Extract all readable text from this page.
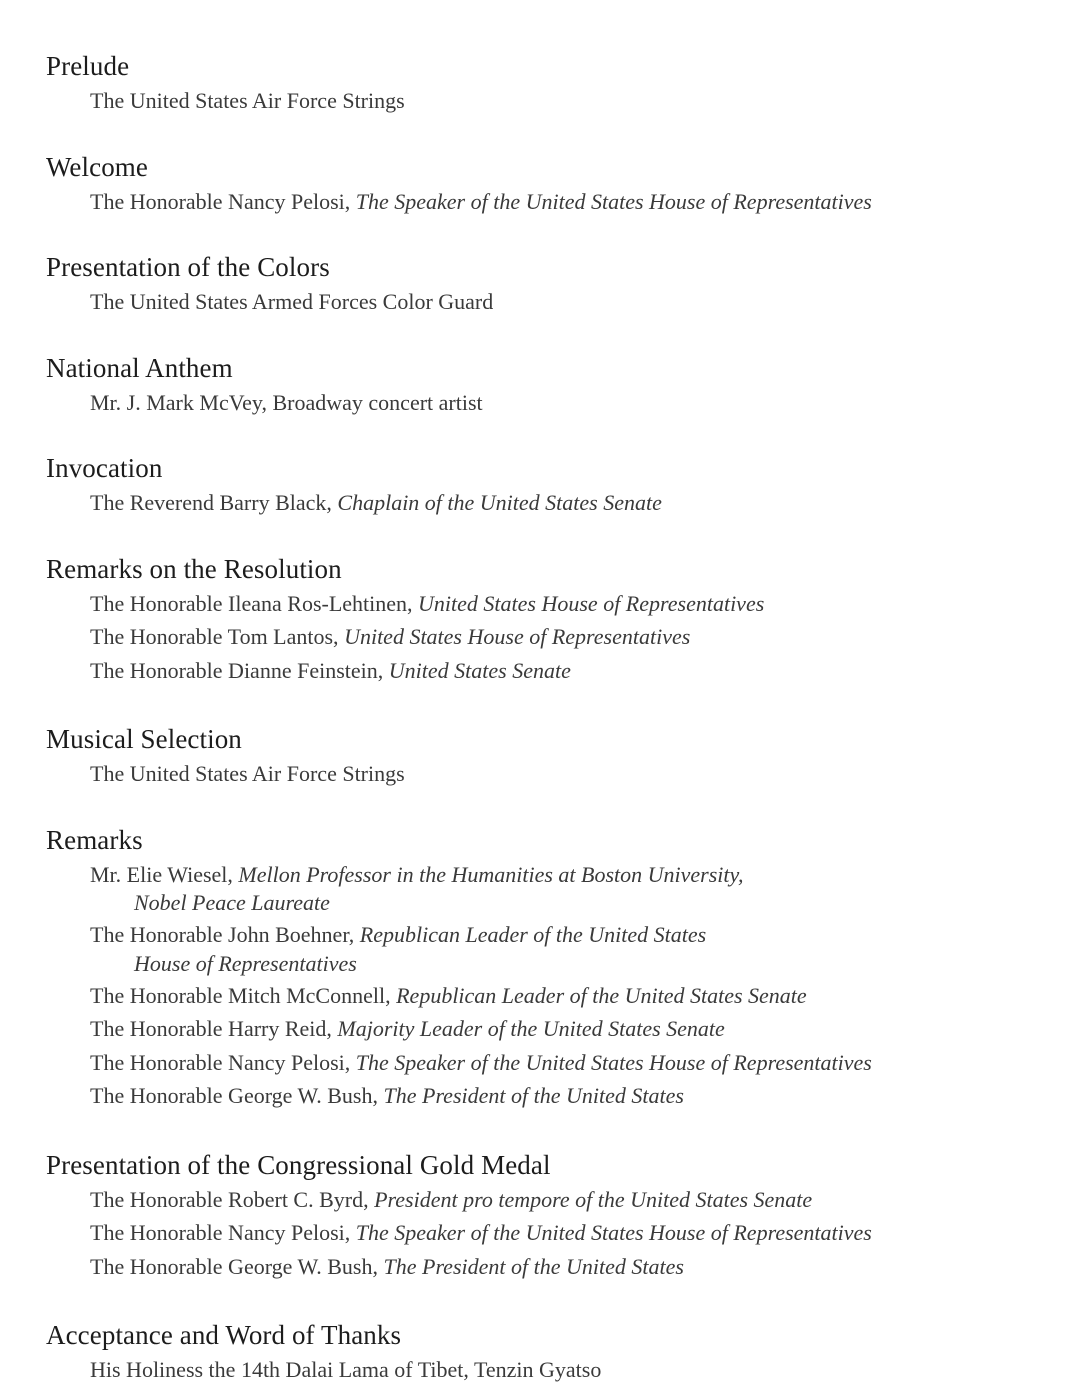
Prelude
The United States Air Force Strings
Welcome
The Honorable Nancy Pelosi, The Speaker of the United States House of Representatives
Presentation of the Colors
The United States Armed Forces Color Guard
National Anthem
Mr. J. Mark McVey, Broadway concert artist
Invocation
The Reverend Barry Black, Chaplain of the United States Senate
Remarks on the Resolution
The Honorable Ileana Ros-Lehtinen, United States House of Representatives
The Honorable Tom Lantos, United States House of Representatives
The Honorable Dianne Feinstein, United States Senate
Musical Selection
The United States Air Force Strings
Remarks
Mr. Elie Wiesel, Mellon Professor in the Humanities at Boston University,
Nobel Peace Laureate
The Honorable John Boehner, Republican Leader of the United States
House of Representatives
The Honorable Mitch McConnell, Republican Leader of the United States Senate
The Honorable Harry Reid, Majority Leader of the United States Senate
The Honorable Nancy Pelosi, The Speaker of the United States House of Representatives
The Honorable George W. Bush, The President of the United States
Presentation of the Congressional Gold Medal
The Honorable Robert C. Byrd, President pro tempore of the United States Senate
The Honorable Nancy Pelosi, The Speaker of the United States House of Representatives
The Honorable George W. Bush, The President of the United States
Acceptance and Word of Thanks
His Holiness the 14th Dalai Lama of Tibet, Tenzin Gyatso
